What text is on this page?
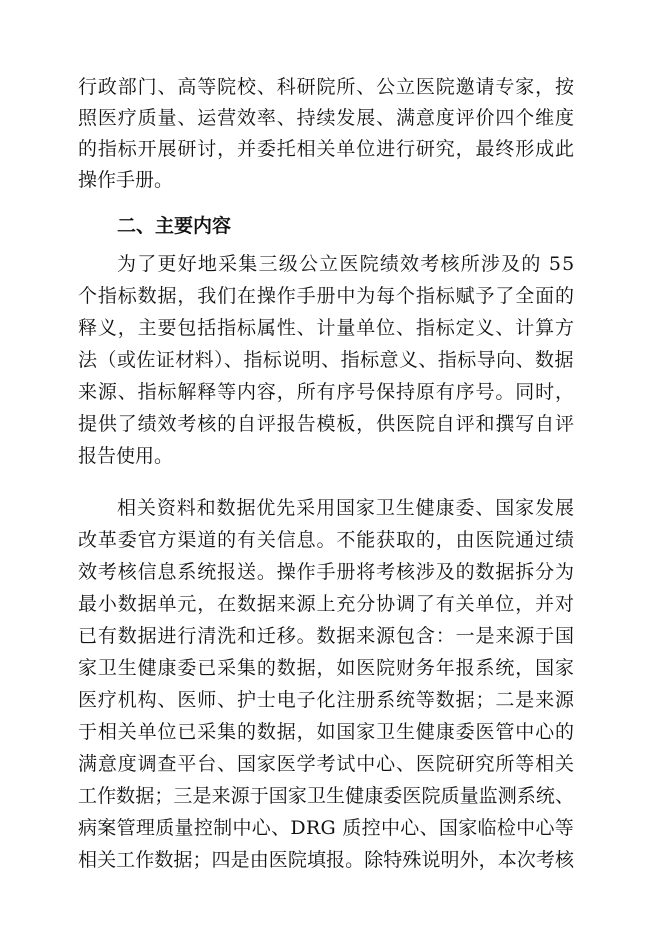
行政部门、高等院校、科研院所、公立医院邀请专家，按
照医疗质量、运营效率、持续发展、满意度评价四个维度
的指标开展研讨，并委托相关单位进行研究，最终形成此
操作手册。
二、主要内容
为了更好地采集三级公立医院绩效考核所涉及的 55
个指标数据，我们在操作手册中为每个指标赋予了全面的
释义，主要包括指标属性、计量单位、指标定义、计算方
法（或佐证材料）、指标说明、指标意义、指标导向、数据
来源、指标解释等内容，所有序号保持原有序号。同时，
提供了绩效考核的自评报告模板，供医院自评和撰写自评
报告使用。
相关资料和数据优先采用国家卫生健康委、国家发展
改革委官方渠道的有关信息。不能获取的，由医院通过绩
效考核信息系统报送。操作手册将考核涉及的数据拆分为
最小数据单元，在数据来源上充分协调了有关单位，并对
已有数据进行清洗和迁移。数据来源包含：一是来源于国
家卫生健康委已采集的数据，如医院财务年报系统，国家
医疗机构、医师、护士电子化注册系统等数据；二是来源
于相关单位已采集的数据，如国家卫生健康委医管中心的
满意度调查平台、国家医学考试中心、医院研究所等相关
工作数据；三是来源于国家卫生健康委医院质量监测系统、
病案管理质量控制中心、DRG 质控中心、国家临检中心等
相关工作数据；四是由医院填报。除特殊说明外，本次考核
